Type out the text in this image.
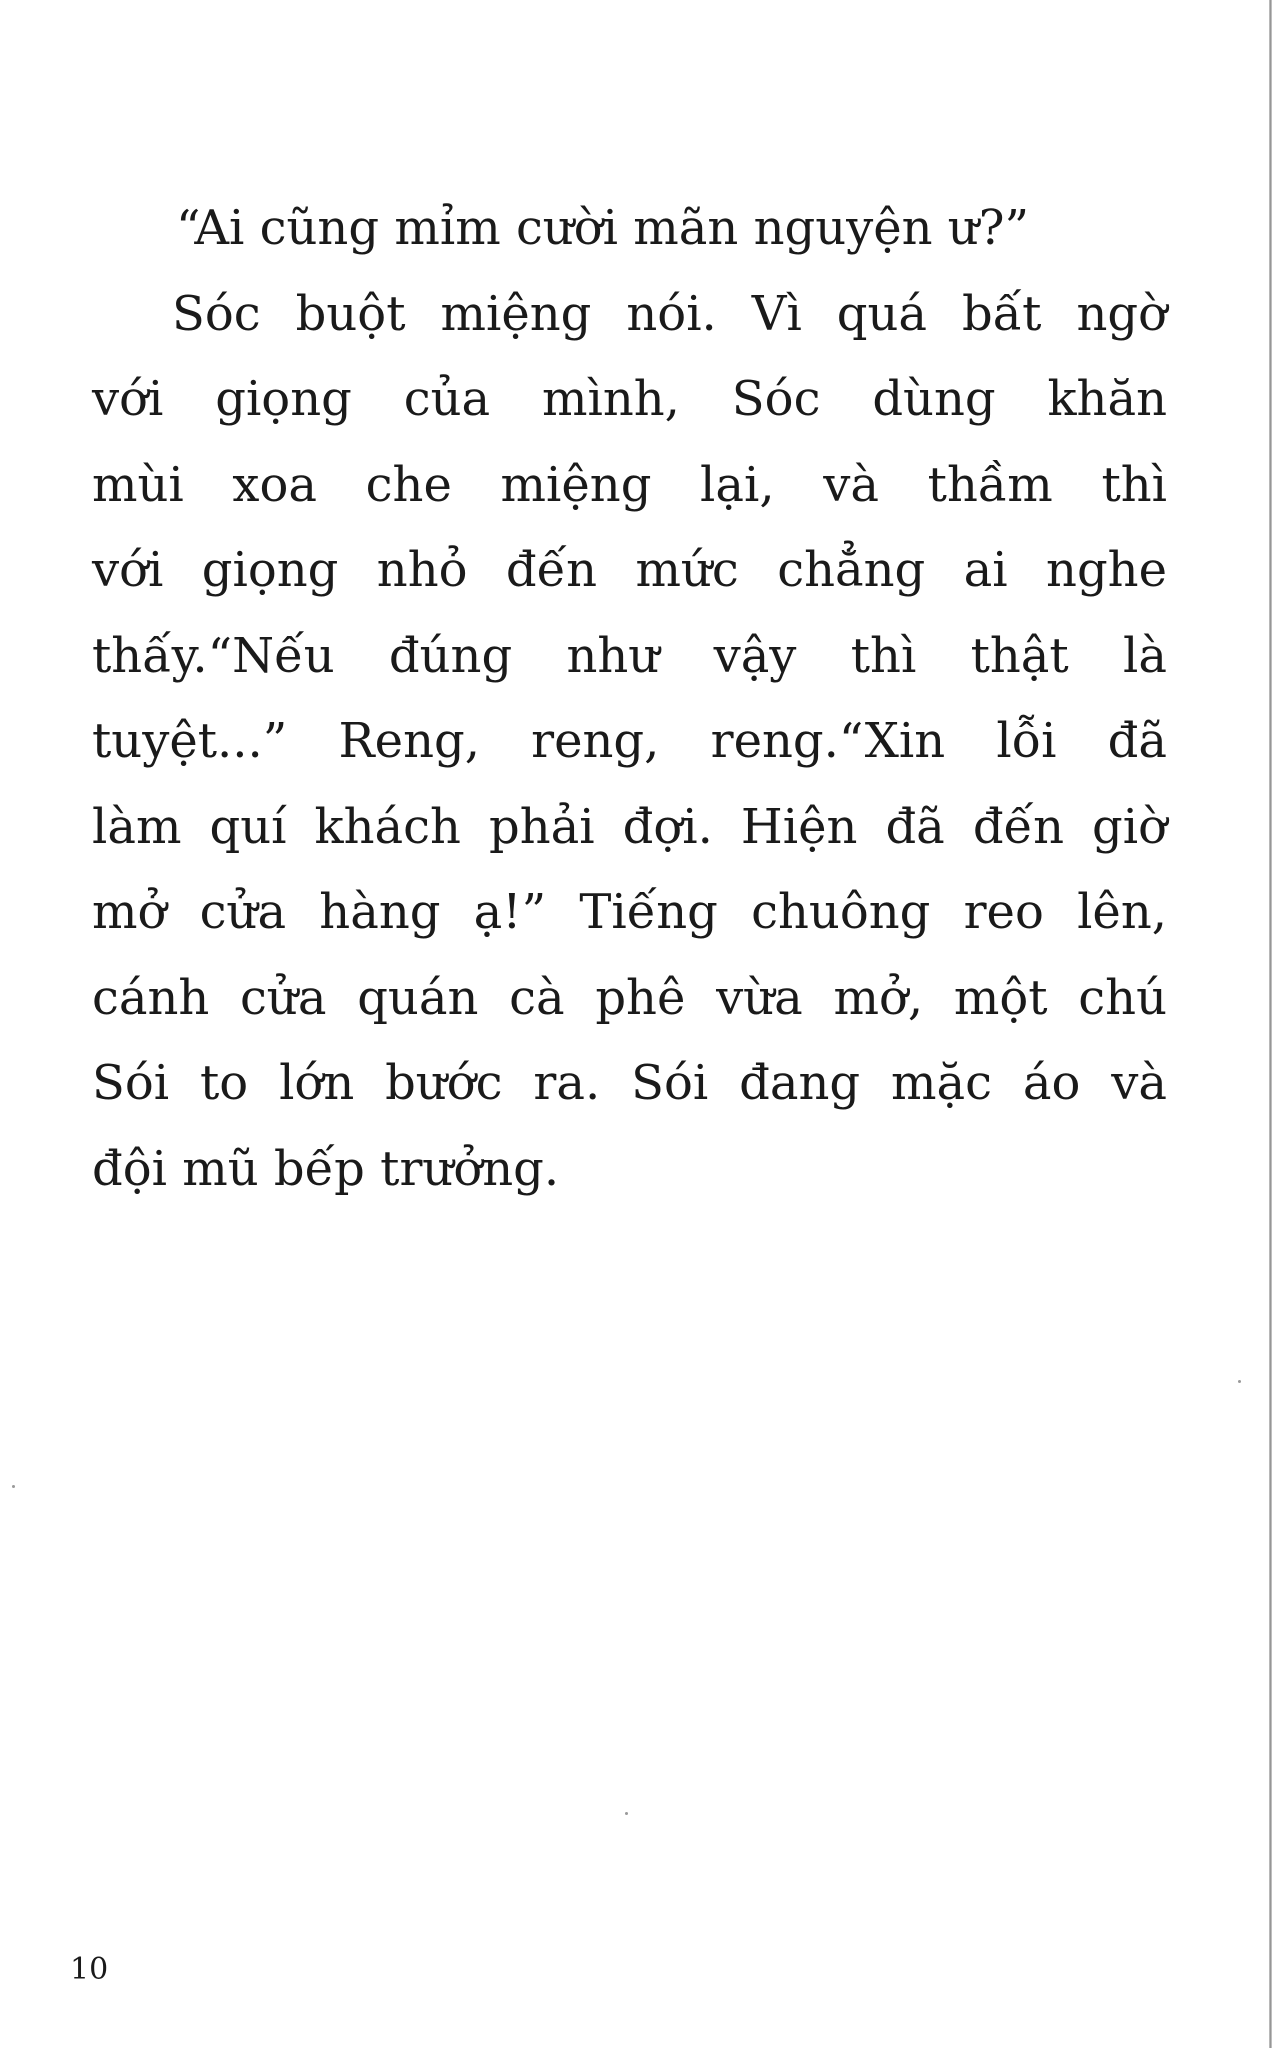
“Ai cũng mỉm cười mãn nguyện ư?”
Sóc buột miệng nói. Vì quá bất ngờ
với giọng của mình, Sóc dùng khăn
mùi xoa che miệng lại, và thầm thì
với giọng nhỏ đến mức chẳng ai nghe
thấy.“Nếu đúng như vậy thì thật là
tuyệt...” Reng, reng, reng.“Xin lỗi đã
làm quí khách phải đợi. Hiện đã đến giờ
mở cửa hàng ạ!” Tiếng chuông reo lên,
cánh cửa quán cà phê vừa mở, một chú
Sói to lớn bước ra. Sói đang mặc áo và
đội mũ bếp trưởng.
10
